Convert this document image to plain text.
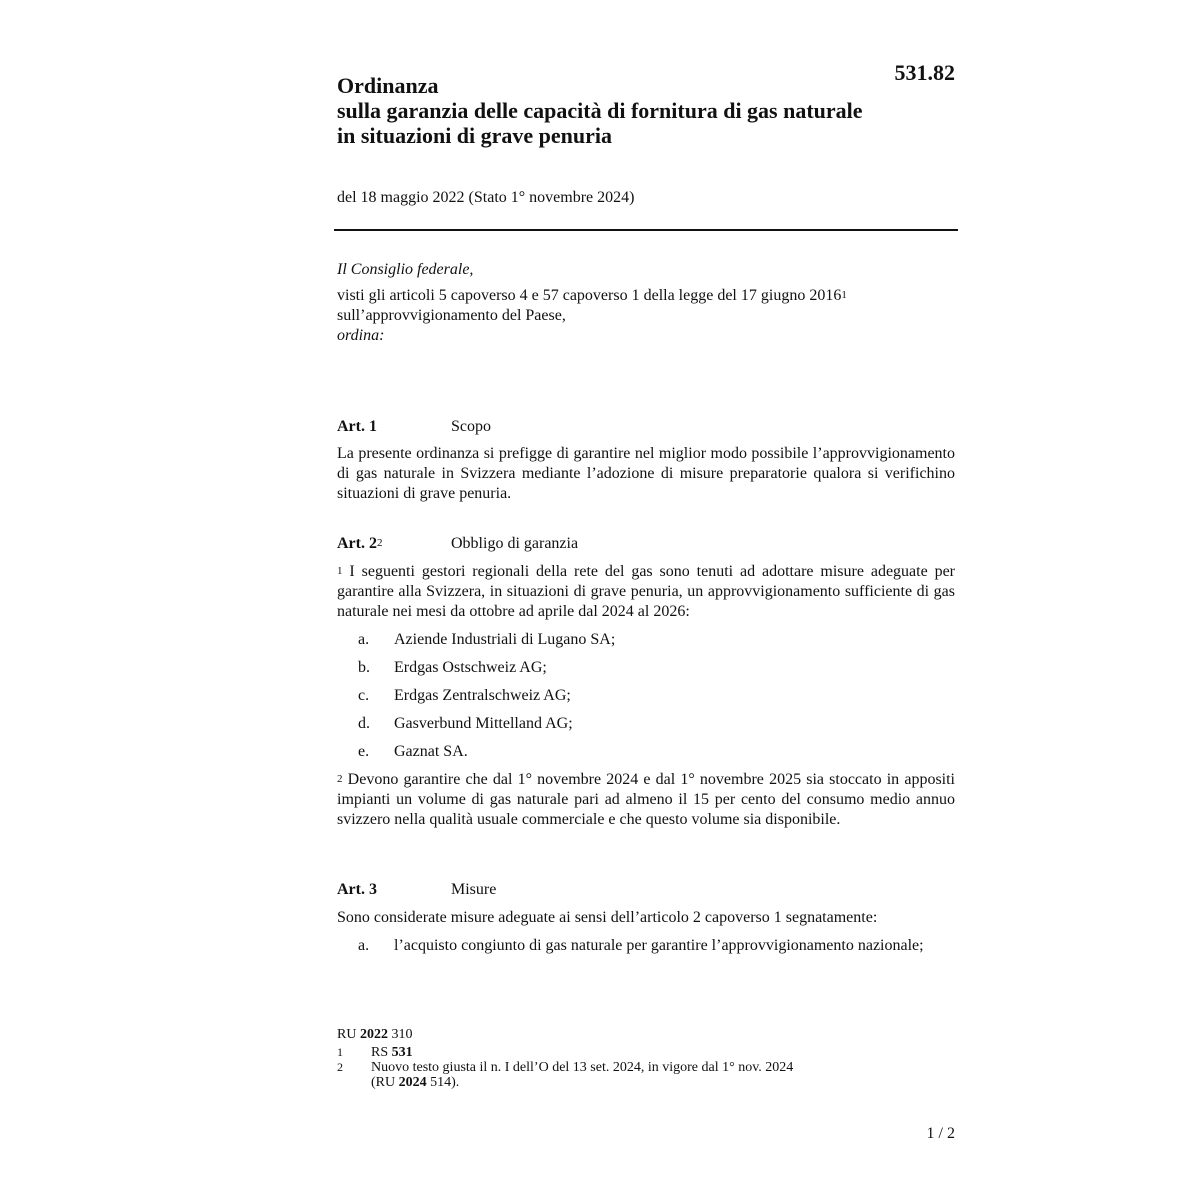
531.82
Ordinanza
sulla garanzia delle capacità di fornitura di gas naturale
in situazioni di grave penuria
del 18 maggio 2022 (Stato 1° novembre 2024)

Il Consiglio federale,

visti gli articoli 5 capoverso 4 e 57 capoverso 1 della legge del 17 giugno 2016$^1$
sull’approvvigionamento del Paese,

ordina:

Art. 1	Scopo

La presente ordinanza si prefigge di garantire nel miglior modo possibile l’approvvigionamento di gas naturale in Svizzera mediante l’adozione di misure preparatorie qualora si verifichino situazioni di grave penuria.

Art. $2^2$	Obbligo di garanzia

$^1$ I seguenti gestori regionali della rete del gas sono tenuti ad adottare misure adeguate per garantire alla Svizzera, in situazioni di grave penuria, un approvvigionamento sufficiente di gas naturale nei mesi da ottobre ad aprile dal 2024 al 2026:

a.	Aziende Industriali di Lugano SA;
b.	Erdgas Ostschweiz AG;
c.	Erdgas Zentralschweiz AG;
d.	Gasverbund Mittelland AG;
e.	Gaznat SA.

$^2$ Devono garantire che dal 1° novembre 2024 e dal 1° novembre 2025 sia stoccato in appositi impianti un volume di gas naturale pari ad almeno il 15 per cento del consumo medio annuo svizzero nella qualità usuale commerciale e che questo volume sia disponibile.

Art. 3	Misure

Sono considerate misure adeguate ai sensi dell’articolo 2 capoverso 1 segnatamente:

a.	l’acquisto congiunto di gas naturale per garantire l’approvvigionamento nazionale;
RU 2022 310
1	RS 531
2	Nuovo testo giusta il n. I dell’O del 13 set. 2024, in vigore dal 1° nov. 2024
(RU 2024 514).
1 / 2
